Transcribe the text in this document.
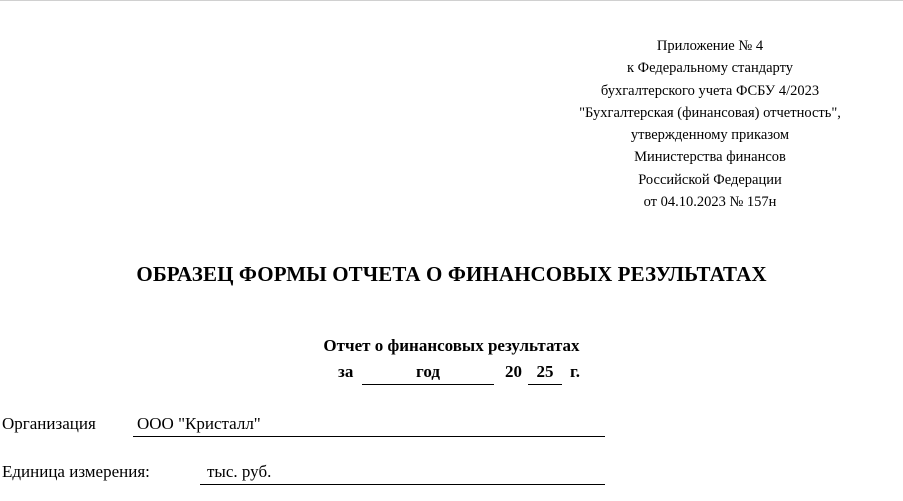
Приложение № 4
к Федеральному стандарту
бухгалтерского учета ФСБУ 4/2023
"Бухгалтерская (финансовая) отчетность",
утвержденному приказом
Министерства финансов
Российской Федерации
от 04.10.2023 № 157н
ОБРАЗЕЦ ФОРМЫ ОТЧЕТА О ФИНАНСОВЫХ РЕЗУЛЬТАТАХ
Отчет о финансовых результатах
за	год	20 25 г.
Организация ООО "Кристалл"
Единица измерения:	тыс. руб.
